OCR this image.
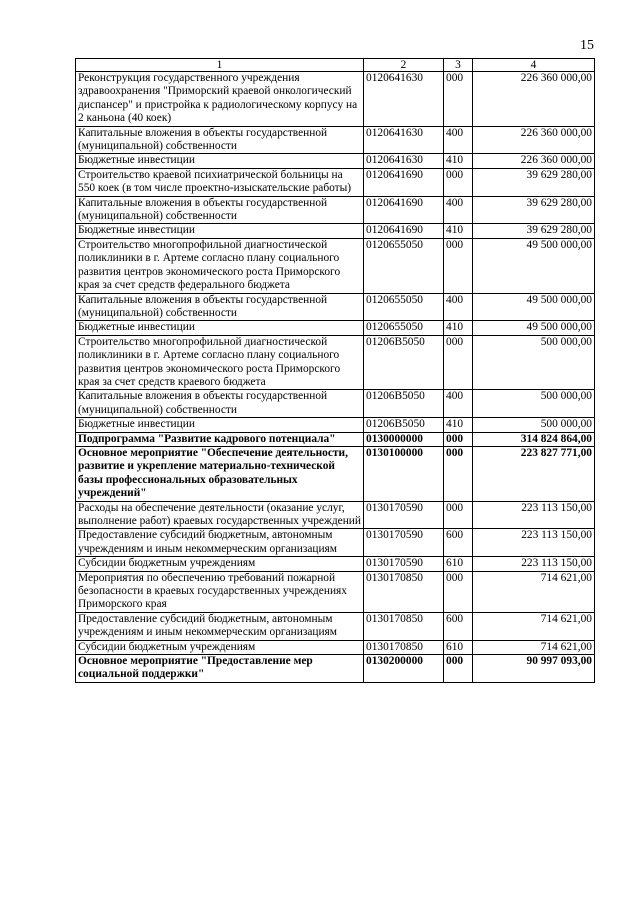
15
1	2	3	4
Реконструкция государственного учреждения здравоохранения "Приморский краевой онкологический диспансер" и пристройка к радиологическому корпусу на 2 каньона (40 коек)	0120641630	000	226 360 000,00
Капитальные вложения в объекты государственной (муниципальной) собственности	0120641630	400	226 360 000,00
Бюджетные инвестиции	0120641630	410	226 360 000,00
Строительство краевой психиатрической больницы на 550 коек (в том числе проектно-изыскательские работы)	0120641690	000	39 629 280,00
Капитальные вложения в объекты государственной (муниципальной) собственности	0120641690	400	39 629 280,00
Бюджетные инвестиции	0120641690	410	39 629 280,00
Строительство многопрофильной диагностической поликлиники в г. Артеме согласно плану социального развития центров экономического роста Приморского края за счет средств федерального бюджета	0120655050	000	49 500 000,00
Капитальные вложения в объекты государственной (муниципальной) собственности	0120655050	400	49 500 000,00
Бюджетные инвестиции	0120655050	410	49 500 000,00
Строительство многопрофильной диагностической поликлиники в г. Артеме согласно плану социального развития центров экономического роста Приморского края за счет средств краевого бюджета	01206B5050	000	500 000,00
Капитальные вложения в объекты государственной (муниципальной) собственности	01206B5050	400	500 000,00
Бюджетные инвестиции	01206B5050	410	500 000,00
Подпрограмма "Развитие кадрового потенциала"	0130000000	000	314 824 864,00
Основное мероприятие "Обеспечение деятельности, развитие и укрепление материально-технической базы профессиональных образовательных учреждений"	0130100000	000	223 827 771,00
Расходы на обеспечение деятельности (оказание услуг, выполнение работ) краевых государственных учреждений	0130170590	000	223 113 150,00
Предоставление субсидий бюджетным, автономным учреждениям и иным некоммерческим организациям	0130170590	600	223 113 150,00
Субсидии бюджетным учреждениям	0130170590	610	223 113 150,00
Мероприятия по обеспечению требований пожарной безопасности в краевых государственных учреждениях Приморского края	0130170850	000	714 621,00
Предоставление субсидий бюджетным, автономным учреждениям и иным некоммерческим организациям	0130170850	600	714 621,00
Субсидии бюджетным учреждениям	0130170850	610	714 621,00
Основное мероприятие "Предоставление мер социальной поддержки"	0130200000	000	90 997 093,00
